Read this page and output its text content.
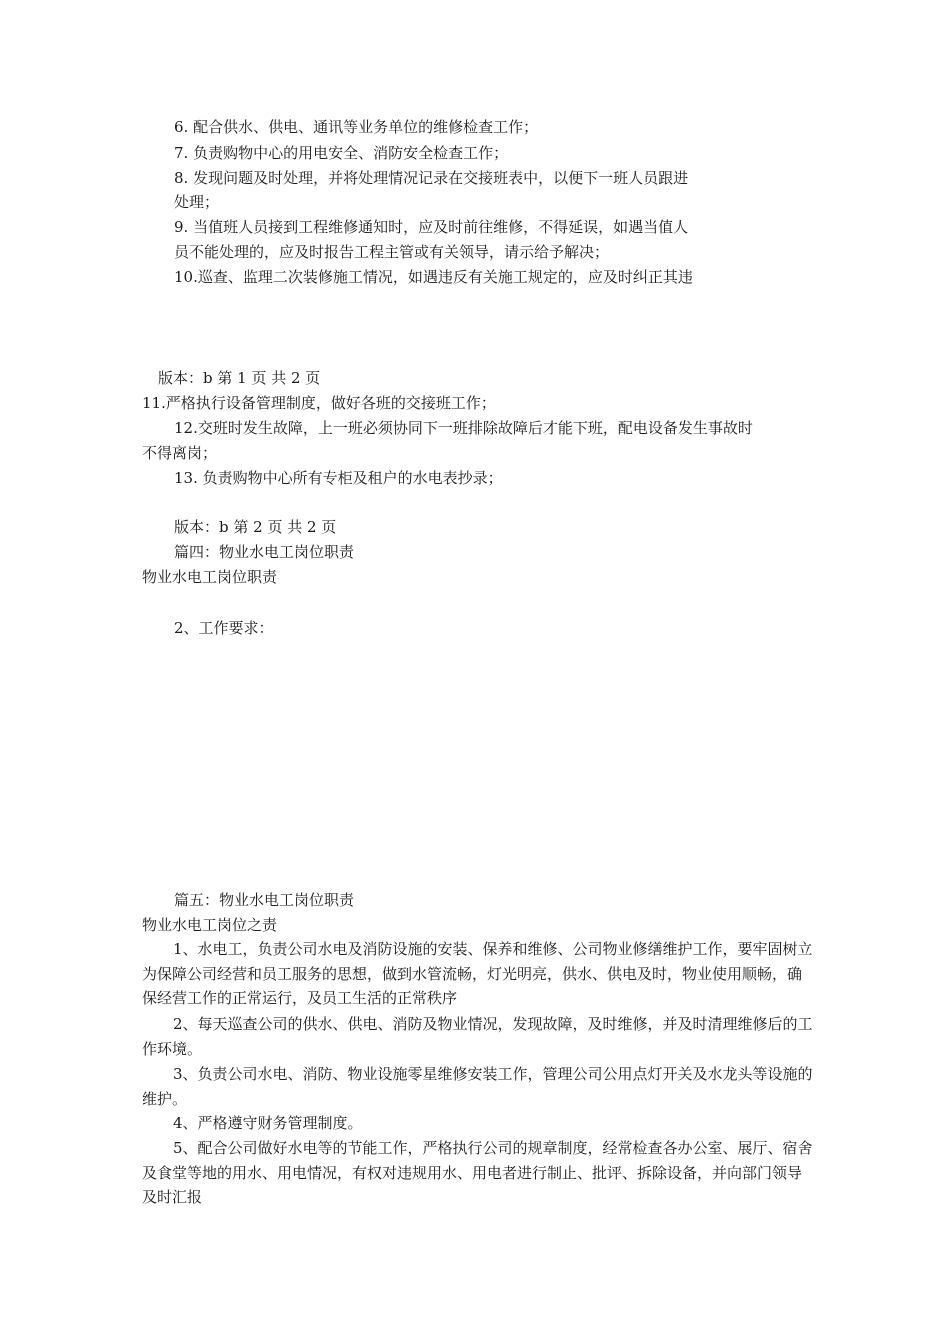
6. 配合供水、供电、通讯等业务单位的维修检查工作；
7. 负责购物中心的用电安全、消防安全检查工作；
8. 发现问题及时处理，并将处理情况记录在交接班表中，以便下一班人员跟进
处理；
9. 当值班人员接到工程维修通知时，应及时前往维修，不得延误，如遇当值人
员不能处理的，应及时报告工程主管或有关领导，请示给予解决；
10.巡查、监理二次装修施工情况，如遇违反有关施工规定的，应及时纠正其违
版本：b 第 1 页 共 2 页
11.严格执行设备管理制度，做好各班的交接班工作；
12.交班时发生故障，上一班必须协同下一班排除故障后才能下班，配电设备发生事故时
不得离岗；
13. 负责购物中心所有专柜及租户的水电表抄录；
版本：b 第 2 页 共 2 页
篇四：物业水电工岗位职责
物业水电工岗位职责
2、工作要求：
篇五：物业水电工岗位职责
物业水电工岗位之责
1、水电工，负责公司水电及消防设施的安装、保养和维修、公司物业修缮维护工作，要牢固树立为保障公司经营和员工服务的思想，做到水管流畅，灯光明亮，供水、供电及时，物业使用顺畅，确保经营工作的正常运行，及员工生活的正常秩序
2、每天巡查公司的供水、供电、消防及物业情况，发现故障，及时维修，并及时清理维修后的工作环境。
3、负责公司水电、消防、物业设施零星维修安装工作，管理公司公用点灯开关及水龙头等设施的维护。
4、严格遵守财务管理制度。
5、配合公司做好水电等的节能工作，严格执行公司的规章制度，经常检查各办公室、展厅、宿舍及食堂等地的用水、用电情况，有权对违规用水、用电者进行制止、批评、拆除设备，并向部门领导及时汇报
